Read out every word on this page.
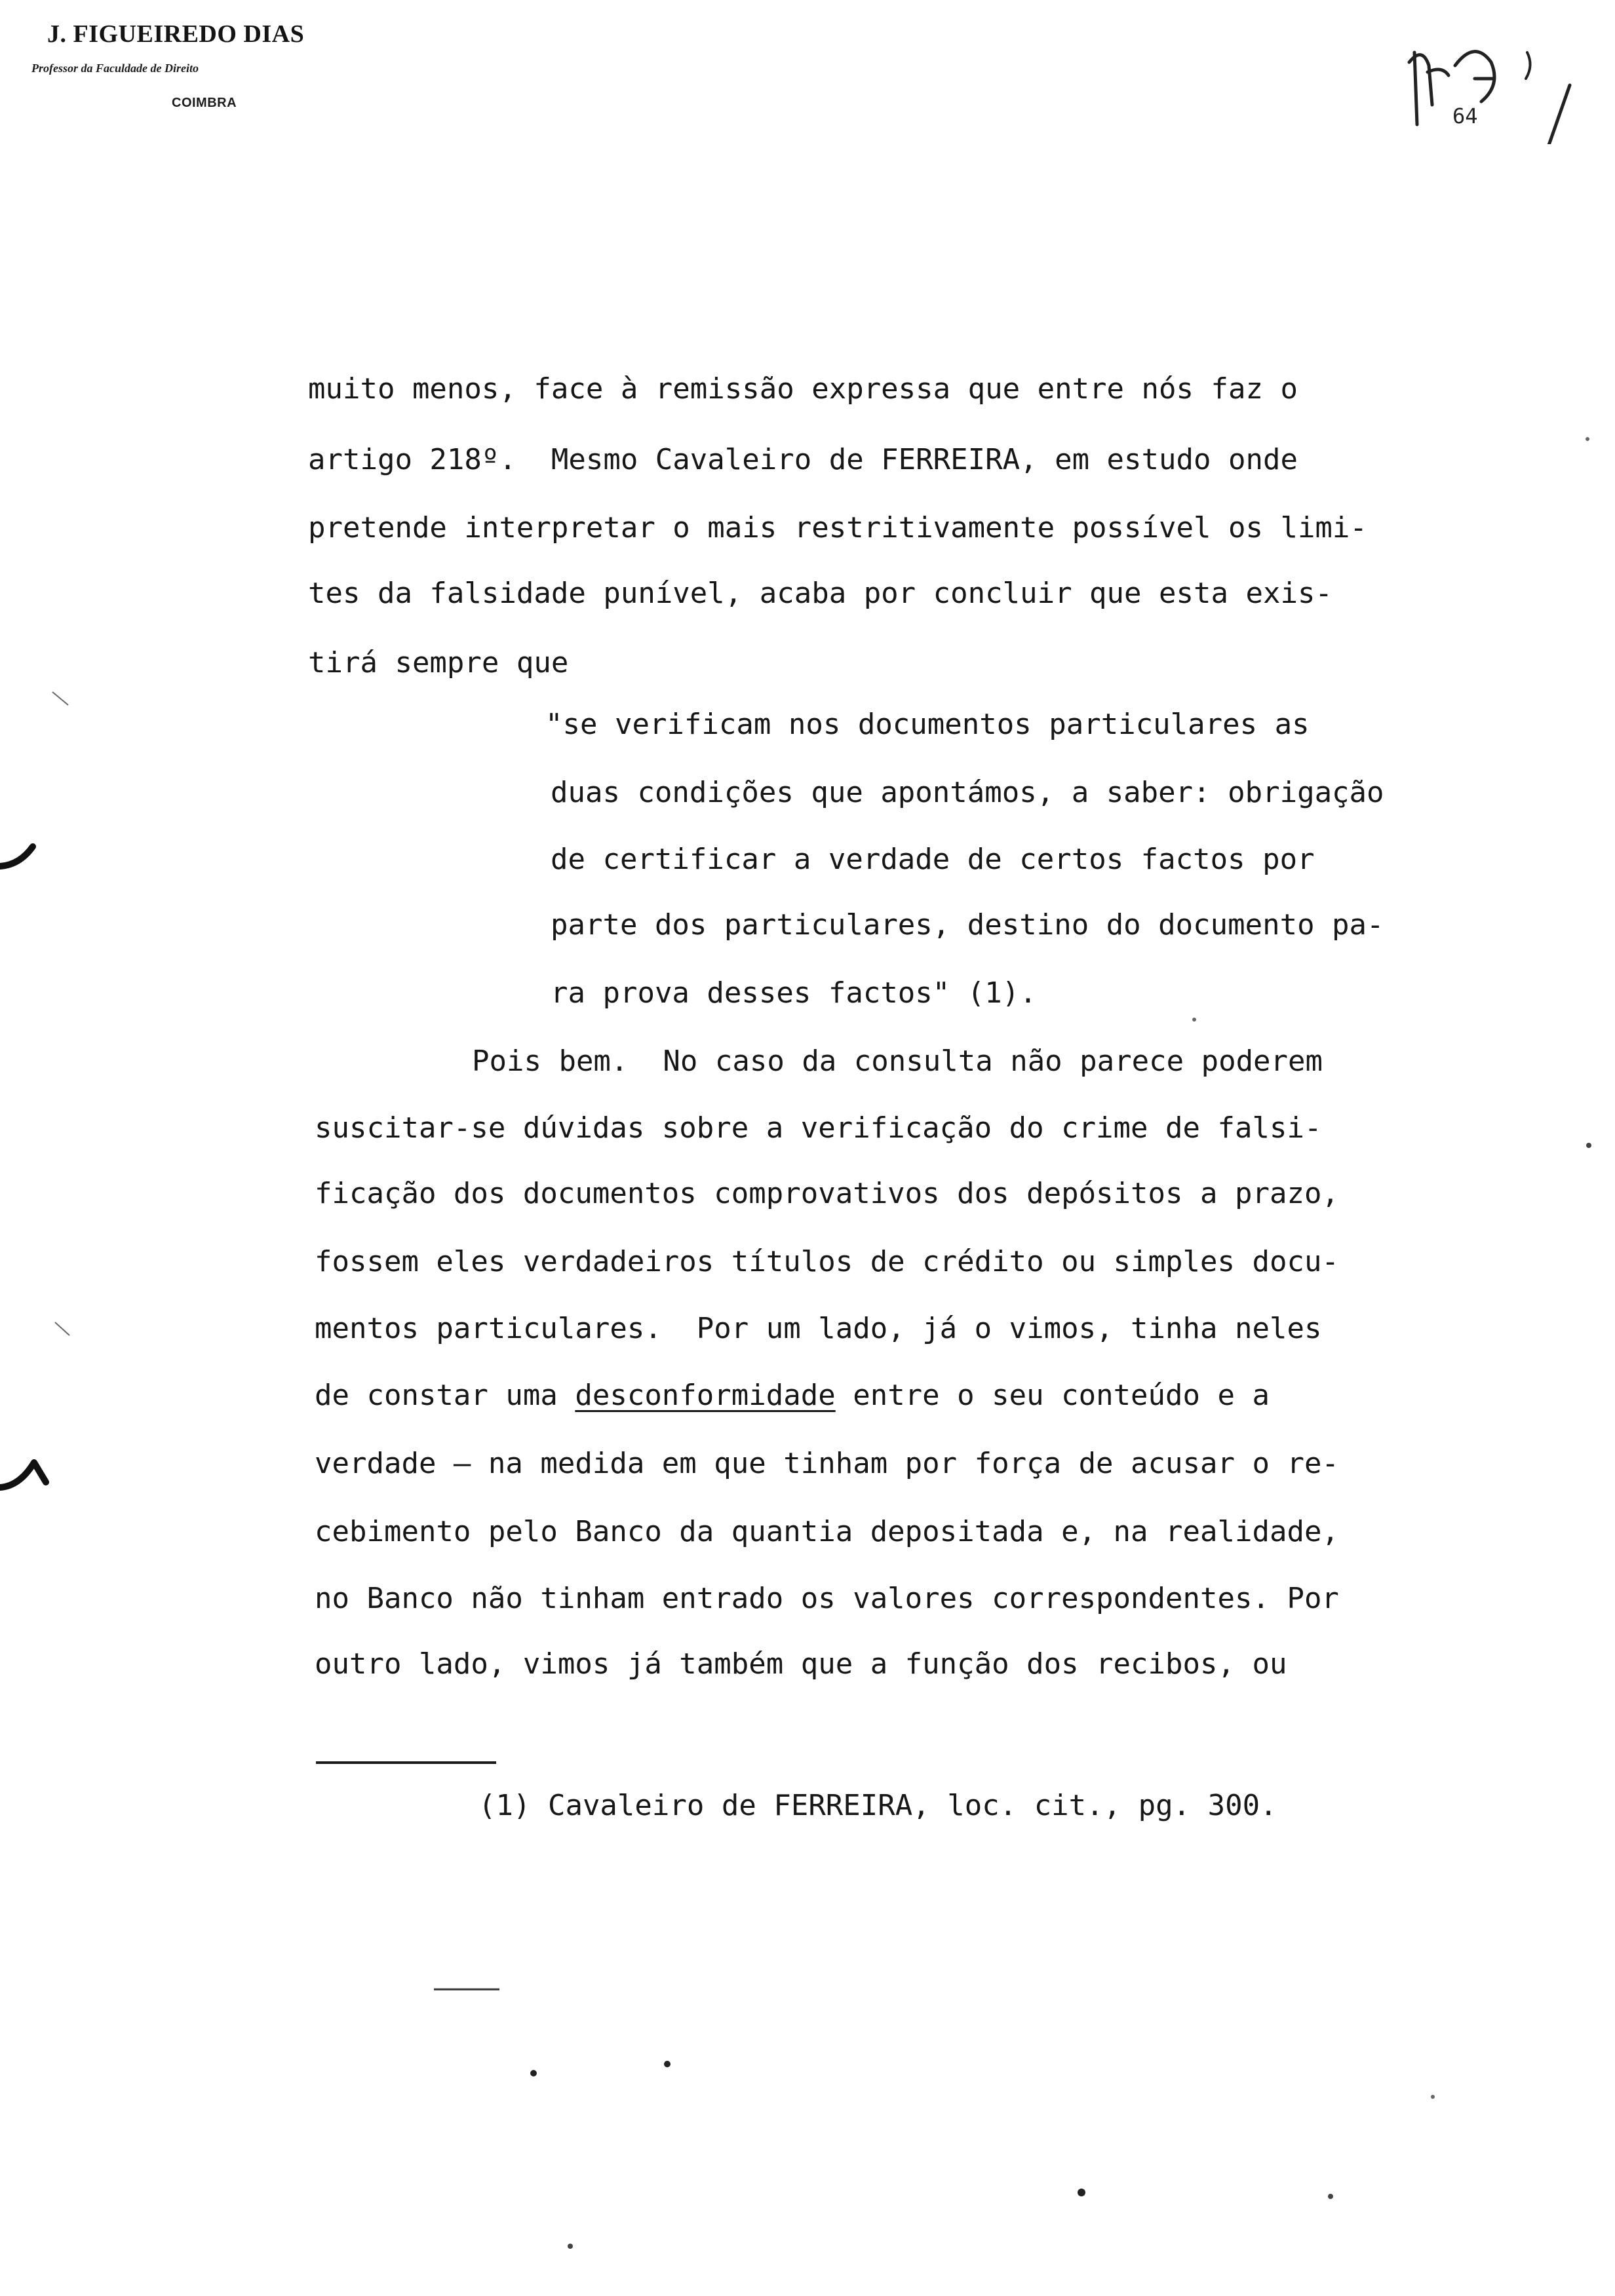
J. FIGUEIREDO DIAS
Professor da Faculdade de Direito
COIMBRA
64
muito menos, face à remissão expressa que entre nós faz o
artigo 218º.  Mesmo Cavaleiro de FERREIRA, em estudo onde
pretende interpretar o mais restritivamente possível os limi-
tes da falsidade punível, acaba por concluir que esta exis-
tirá sempre que
"se verificam nos documentos particulares as
duas condições que apontámos, a saber: obrigação
de certificar a verdade de certos factos por
parte dos particulares, destino do documento pa-
ra prova desses factos" (1).
Pois bem.  No caso da consulta não parece poderem
suscitar-se dúvidas sobre a verificação do crime de falsi-
ficação dos documentos comprovativos dos depósitos a prazo,
fossem eles verdadeiros títulos de crédito ou simples docu-
mentos particulares.  Por um lado, já o vimos, tinha neles
de constar uma desconformidade entre o seu conteúdo e a
verdade — na medida em que tinham por força de acusar o re-
cebimento pelo Banco da quantia depositada e, na realidade,
no Banco não tinham entrado os valores correspondentes. Por
outro lado, vimos já também que a função dos recibos, ou
(1) Cavaleiro de FERREIRA, loc. cit., pg. 300.
